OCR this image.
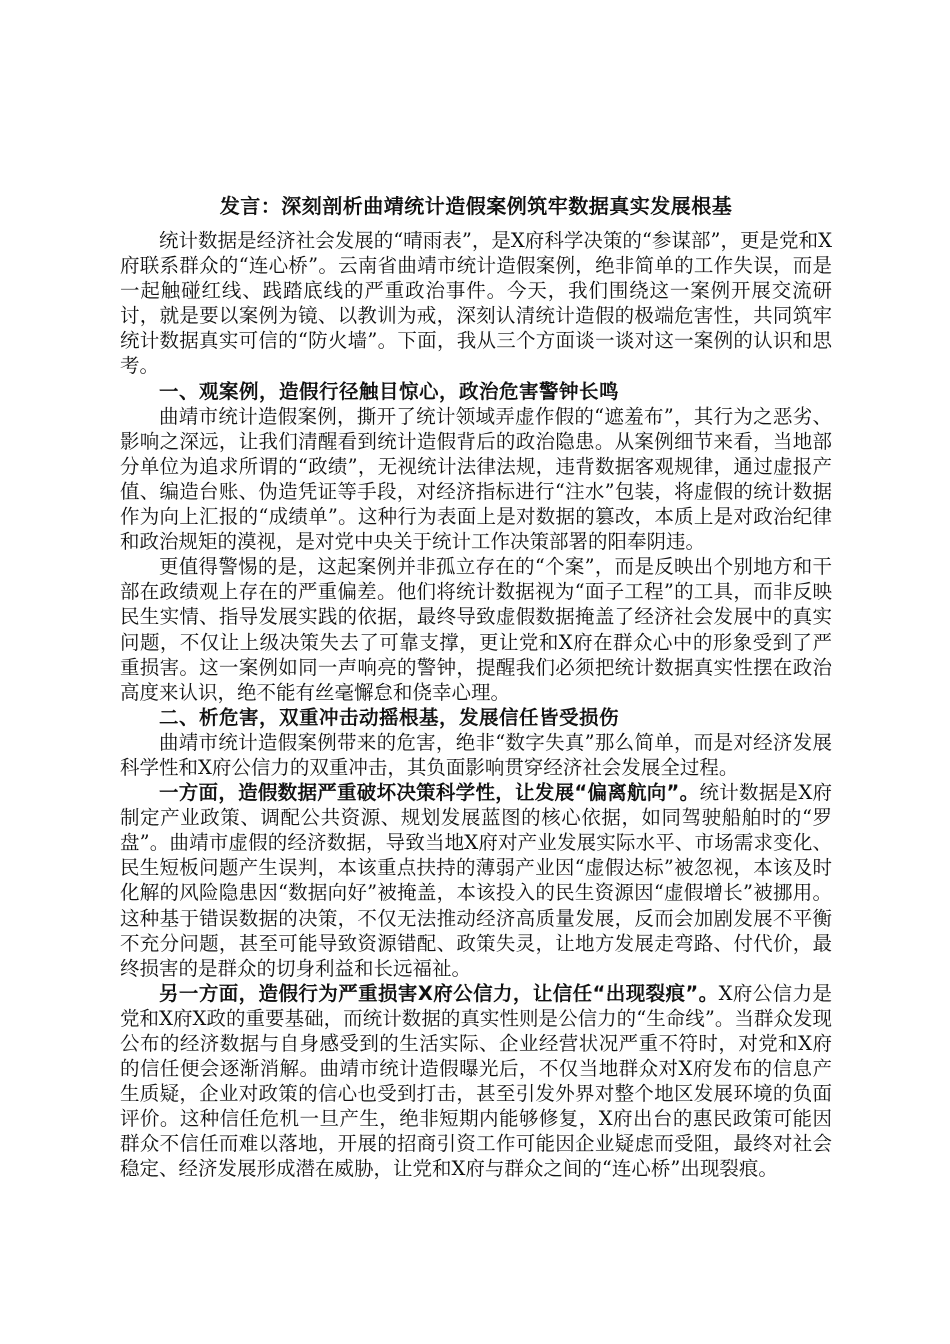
发言：深刻剖析曲靖统计造假案例筑牢数据真实发展根基

统计数据是经济社会发展的“晴雨表”，是X府科学决策的“参谋部”，更是党和X府联系群众的“连心桥”。云南省曲靖市统计造假案例，绝非简单的工作失误，而是一起触碰红线、践踏底线的严重政治事件。今天，我们围绕这一案例开展交流研讨，就是要以案例为镜、以教训为戒，深刻认清统计造假的极端危害性，共同筑牢统计数据真实可信的“防火墙”。下面，我从三个方面谈一谈对这一案例的认识和思考。

一、观案例，造假行径触目惊心，政治危害警钟长鸣

曲靖市统计造假案例，撕开了统计领域弄虚作假的“遮羞布”，其行为之恶劣、影响之深远，让我们清醒看到统计造假背后的政治隐患。从案例细节来看，当地部分单位为追求所谓的“政绩”，无视统计法律法规，违背数据客观规律，通过虚报产值、编造台账、伪造凭证等手段，对经济指标进行“注水”包装，将虚假的统计数据作为向上汇报的“成绩单”。这种行为表面上是对数据的篡改，本质上是对政治纪律和政治规矩的漠视，是对党中央关于统计工作决策部署的阳奉阴违。

更值得警惕的是，这起案例并非孤立存在的“个案”，而是反映出个别地方和干部在政绩观上存在的严重偏差。他们将统计数据视为“面子工程”的工具，而非反映民生实情、指导发展实践的依据，最终导致虚假数据掩盖了经济社会发展中的真实问题，不仅让上级决策失去了可靠支撑，更让党和X府在群众心中的形象受到了严重损害。这一案例如同一声响亮的警钟，提醒我们必须把统计数据真实性摆在政治高度来认识，绝不能有丝毫懈怠和侥幸心理。

二、析危害，双重冲击动摇根基，发展信任皆受损伤

曲靖市统计造假案例带来的危害，绝非“数字失真”那么简单，而是对经济发展科学性和X府公信力的双重冲击，其负面影响贯穿经济社会发展全过程。

一方面，造假数据严重破坏决策科学性，让发展“偏离航向”。统计数据是X府制定产业政策、调配公共资源、规划发展蓝图的核心依据，如同驾驶船舶时的“罗盘”。曲靖市虚假的经济数据，导致当地X府对产业发展实际水平、市场需求变化、民生短板问题产生误判，本该重点扶持的薄弱产业因“虚假达标”被忽视，本该及时化解的风险隐患因“数据向好”被掩盖，本该投入的民生资源因“虚假增长”被挪用。这种基于错误数据的决策，不仅无法推动经济高质量发展，反而会加剧发展不平衡不充分问题，甚至可能导致资源错配、政策失灵，让地方发展走弯路、付代价，最终损害的是群众的切身利益和长远福祉。

另一方面，造假行为严重损害X府公信力，让信任“出现裂痕”。X府公信力是党和X府X政的重要基础，而统计数据的真实性则是公信力的“生命线”。当群众发现公布的经济数据与自身感受到的生活实际、企业经营状况严重不符时，对党和X府的信任便会逐渐消解。曲靖市统计造假曝光后，不仅当地群众对X府发布的信息产生质疑，企业对政策的信心也受到打击，甚至引发外界对整个地区发展环境的负面评价。这种信任危机一旦产生，绝非短期内能够修复，X府出台的惠民政策可能因群众不信任而难以落地，开展的招商引资工作可能因企业疑虑而受阻，最终对社会稳定、经济发展形成潜在威胁，让党和X府与群众之间的“连心桥”出现裂痕。
